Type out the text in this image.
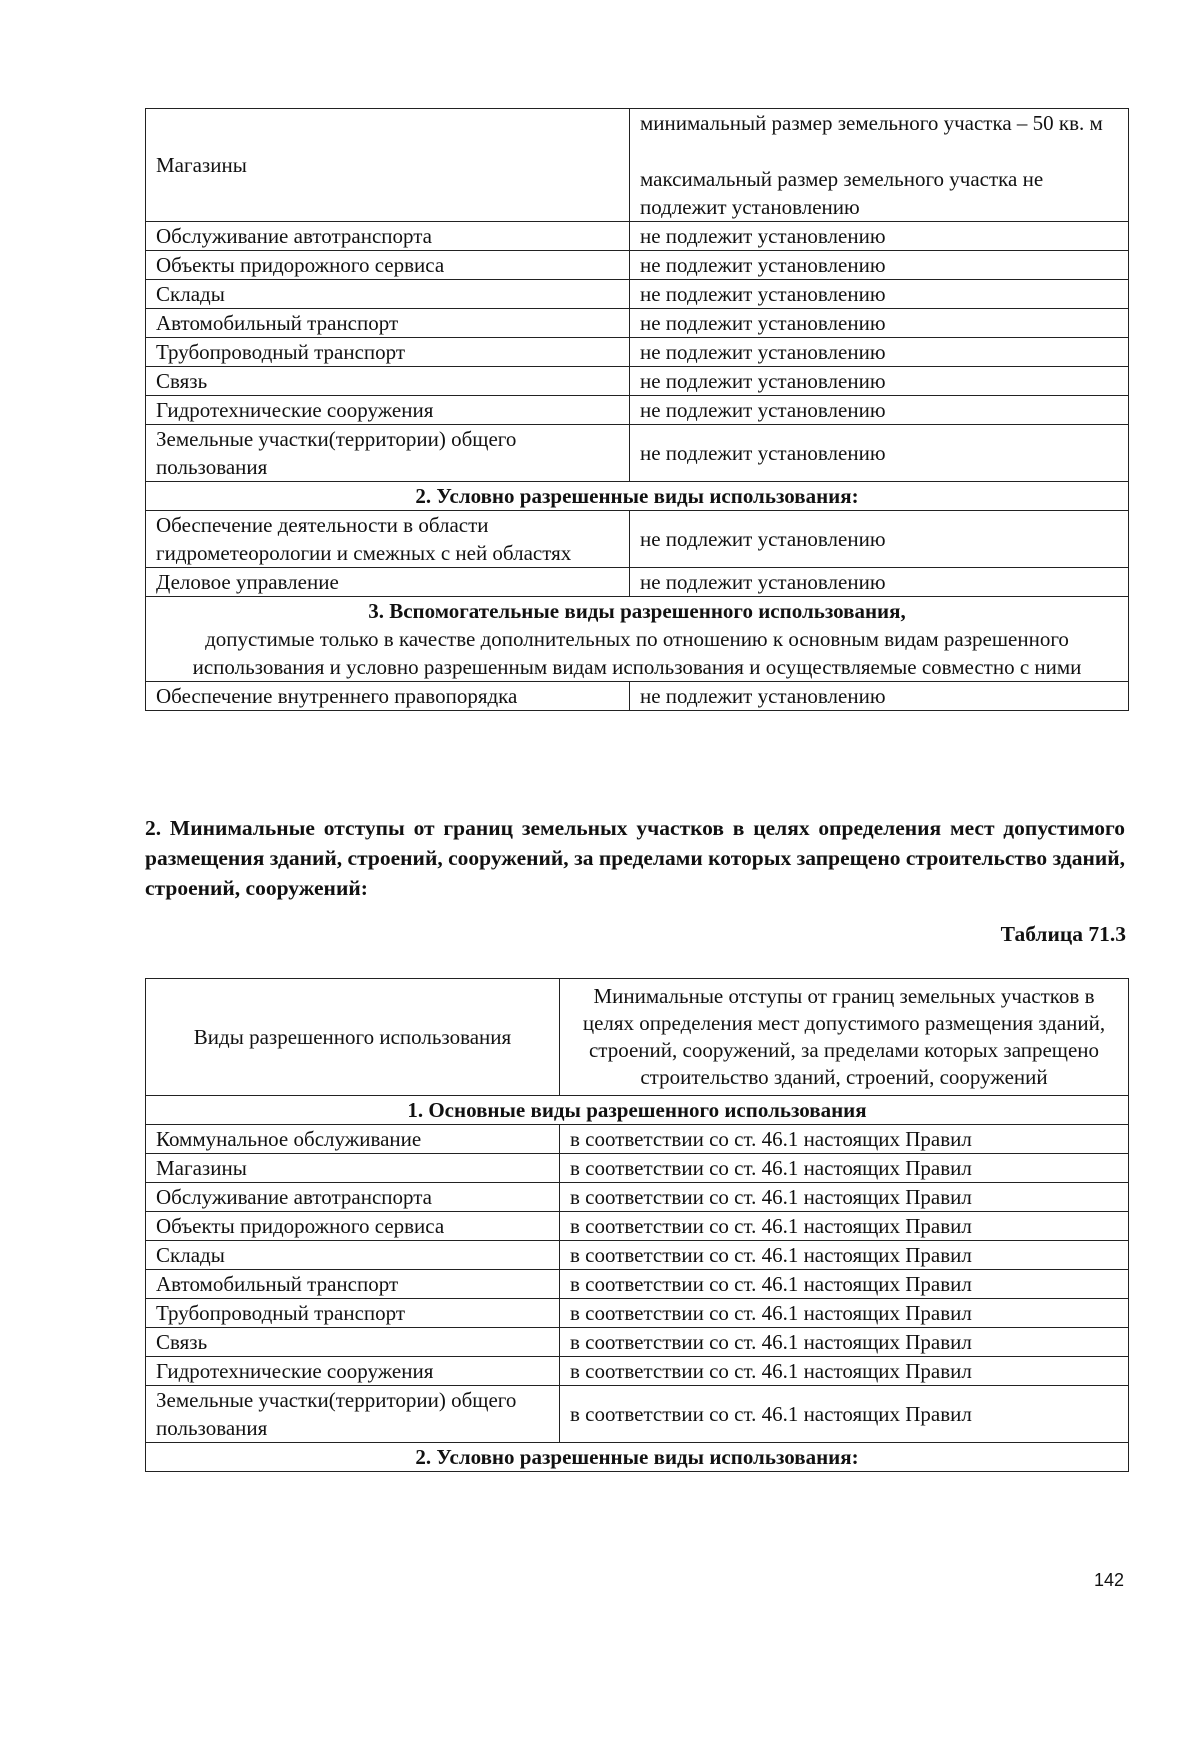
Магазины	минимальный размер земельного участка – 50 кв. м
максимальный размер земельного участка не подлежит установлению

Обслуживание автотранспорта	не подлежит установлению
Объекты придорожного сервиса	не подлежит установлению
Склады	не подлежит установлению
Автомобильный транспорт	не подлежит установлению
Трубопроводный транспорт	не подлежит установлению
Связь	не подлежит установлению
Гидротехнические сооружения	не подлежит установлению
Земельные участки(территории) общего пользования	не подлежит установлению
2. Условно разрешенные виды использования:	
Обеспечение деятельности в области гидрометеорологии и смежных с ней областях	не подлежит установлению
Деловое управление	не подлежит установлению

3. Вспомогательные виды разрешенного использования,
допустимые только в качестве дополнительных по отношению к основным видам разрешенного использования и условно разрешенным видам использования и осуществляемые совместно с ними	

Обеспечение внутреннего правопорядка	не подлежит установлению

2. Минимальные отступы от границ земельных участков в целях определения мест допустимого размещения зданий, строений, сооружений, за пределами которых запрещено строительство зданий, строений, сооружений:

Таблица 71.3

Виды разрешенного использования	Минимальные отступы от границ земельных участков в целях определения мест допустимого размещения зданий, строений, сооружений, за пределами которых запрещено строительство зданий, строений, сооружений
1. Основные виды разрешенного использования	
Коммунальное обслуживание	в соответствии со ст. 46.1 настоящих Правил
Магазины	в соответствии со ст. 46.1 настоящих Правил
Обслуживание автотранспорта	в соответствии со ст. 46.1 настоящих Правил
Объекты придорожного сервиса	в соответствии со ст. 46.1 настоящих Правил
Склады	в соответствии со ст. 46.1 настоящих Правил
Автомобильный транспорт	в соответствии со ст. 46.1 настоящих Правил
Трубопроводный транспорт	в соответствии со ст. 46.1 настоящих Правил
Связь	в соответствии со ст. 46.1 настоящих Правил
Гидротехнические сооружения	в соответствии со ст. 46.1 настоящих Правил
Земельные участки(территории) общего пользования	в соответствии со ст. 46.1 настоящих Правил
2. Условно разрешенные виды использования:	

142
